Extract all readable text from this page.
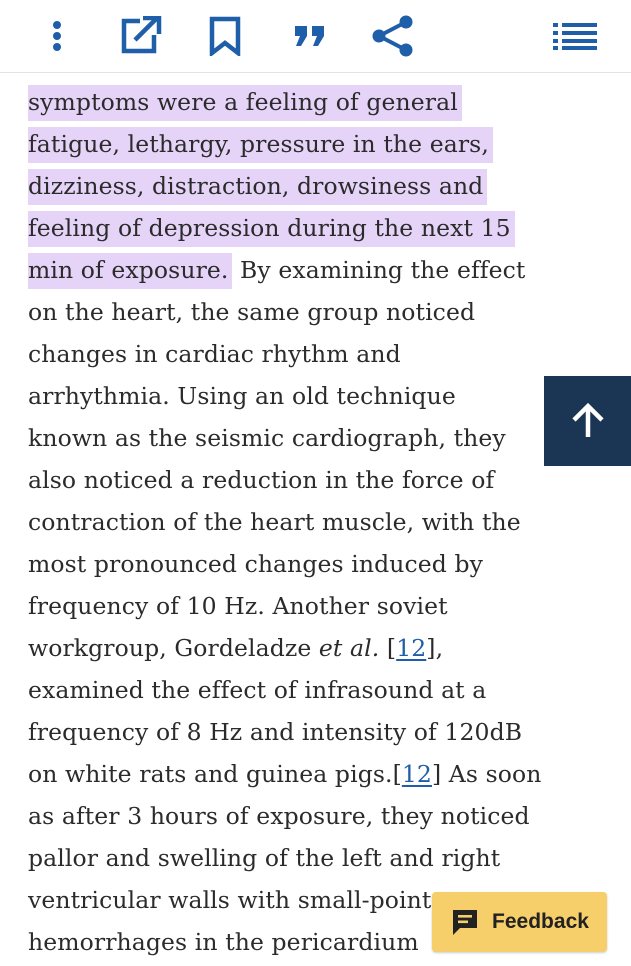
symptoms were a feeling of general
fatigue, lethargy, pressure in the ears,
dizziness, distraction, drowsiness and
feeling of depression during the next 15
min of exposure. By examining the effect
on the heart, the same group noticed
changes in cardiac rhythm and
arrhythmia. Using an old technique
known as the seismic cardiograph, they
also noticed a reduction in the force of
contraction of the heart muscle, with the
most pronounced changes induced by
frequency of 10 Hz. Another soviet
workgroup, Gordeladze et al. [12],
examined the effect of infrasound at a
frequency of 8 Hz and intensity of 120dB
on white rats and guinea pigs.[12] As soon
as after 3 hours of exposure, they noticed
pallor and swelling of the left and right
ventricular walls with small-point
hemorrhages in the pericardium

Feedback
